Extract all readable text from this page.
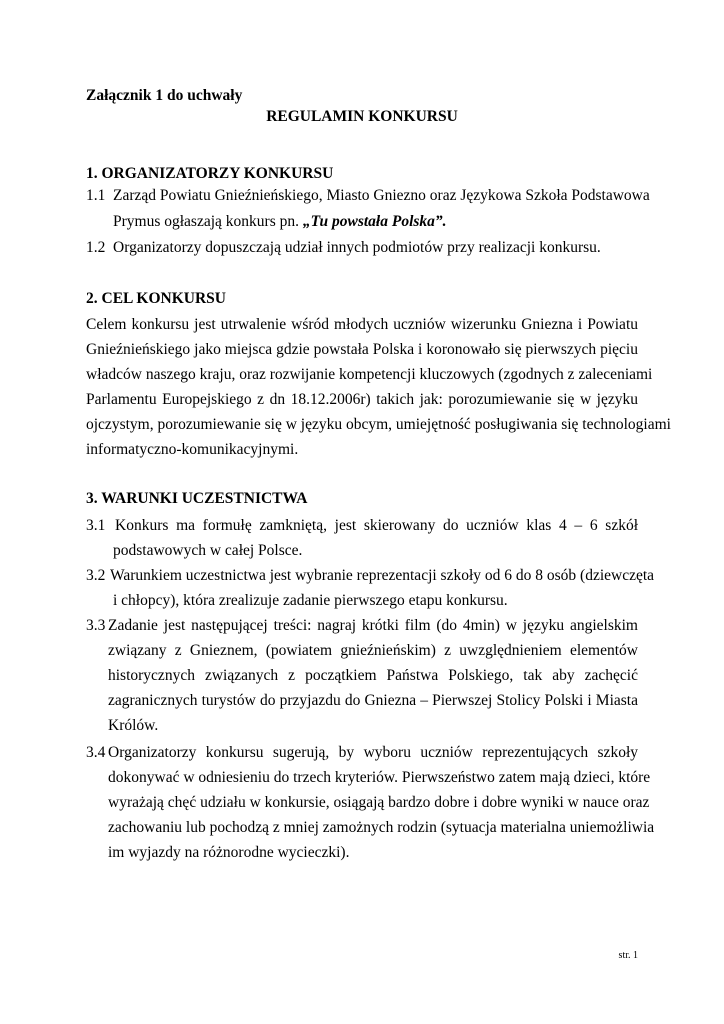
Załącznik 1 do uchwały
REGULAMIN KONKURSU
1. ORGANIZATORZY KONKURSU
1.1 Zarząd Powiatu Gnieźnieńskiego, Miasto Gniezno oraz Językowa Szkoła Podstawowa
Prymus ogłaszają konkurs pn. „Tu powstała Polska”.
1.2 Organizatorzy dopuszczają udział innych podmiotów przy realizacji konkursu.
2. CEL KONKURSU
Celem konkursu jest utrwalenie wśród młodych uczniów wizerunku Gniezna i Powiatu
Gnieźnieńskiego jako miejsca gdzie powstała Polska i koronowało się pierwszych pięciu
władców naszego kraju, oraz rozwijanie kompetencji kluczowych (zgodnych z zaleceniami
Parlamentu Europejskiego z dn 18.12.2006r) takich jak: porozumiewanie się w języku
ojczystym, porozumiewanie się w języku obcym, umiejętność posługiwania się technologiami
informatyczno-komunikacyjnymi.
3. WARUNKI UCZESTNICTWA
3.1 Konkurs ma formułę zamkniętą, jest skierowany do uczniów klas 4 – 6 szkół
podstawowych w całej Polsce.
3.2 Warunkiem uczestnictwa jest wybranie reprezentacji szkoły od 6 do 8 osób (dziewczęta
i chłopcy), która zrealizuje zadanie pierwszego etapu konkursu.
3.3 Zadanie jest następującej treści: nagraj krótki film (do 4min) w języku angielskim
związany z Gnieznem, (powiatem gnieźnieńskim) z uwzględnieniem elementów
historycznych związanych z początkiem Państwa Polskiego, tak aby zachęcić
zagranicznych turystów do przyjazdu do Gniezna – Pierwszej Stolicy Polski i Miasta
Królów.
3.4 Organizatorzy konkursu sugerują, by wyboru uczniów reprezentujących szkoły
dokonywać w odniesieniu do trzech kryteriów. Pierwszeństwo zatem mają dzieci, które
wyrażają chęć udziału w konkursie, osiągają bardzo dobre i dobre wyniki w nauce oraz
zachowaniu lub pochodzą z mniej zamożnych rodzin (sytuacja materialna uniemożliwia
im wyjazdy na różnorodne wycieczki).
str. 1
